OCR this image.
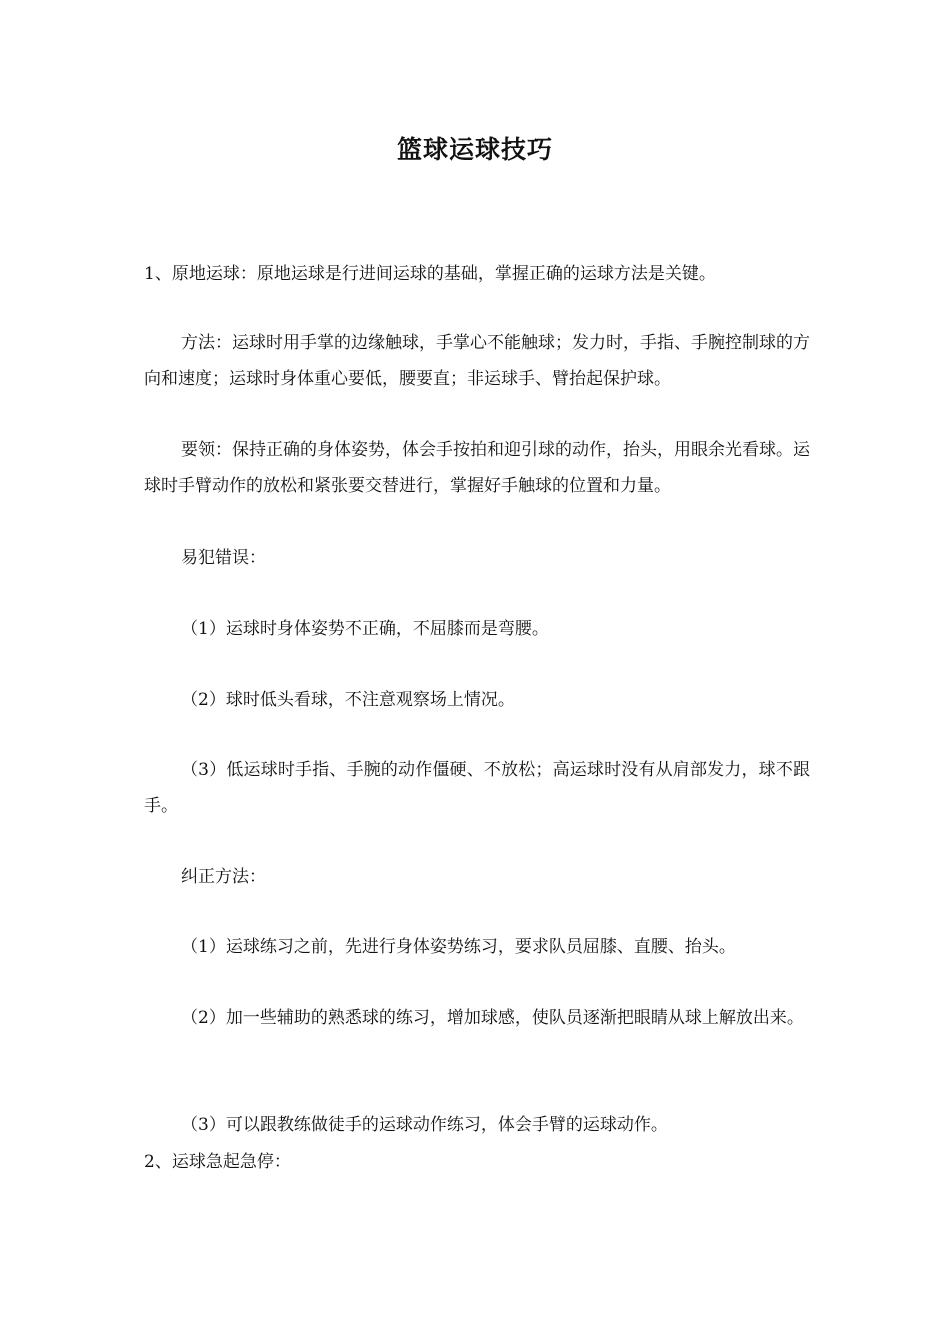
篮球运球技巧
1、原地运球：原地运球是行进间运球的基础，掌握正确的运球方法是关键。
方法：运球时用手掌的边缘触球，手掌心不能触球；发力时，手指、手腕控制球的方向和速度；运球时身体重心要低，腰要直；非运球手、臂抬起保护球。
要领：保持正确的身体姿势，体会手按拍和迎引球的动作，抬头，用眼余光看球。运球时手臂动作的放松和紧张要交替进行，掌握好手触球的位置和力量。
易犯错误：
（1）运球时身体姿势不正确，不屈膝而是弯腰。
（2）球时低头看球，不注意观察场上情况。
（3）低运球时手指、手腕的动作僵硬、不放松；高运球时没有从肩部发力，球不跟手。
纠正方法：
（1）运球练习之前，先进行身体姿势练习，要求队员屈膝、直腰、抬头。
（2）加一些辅助的熟悉球的练习，增加球感，使队员逐渐把眼睛从球上解放出来。
（3）可以跟教练做徒手的运球动作练习，体会手臂的运球动作。
2、运球急起急停：
